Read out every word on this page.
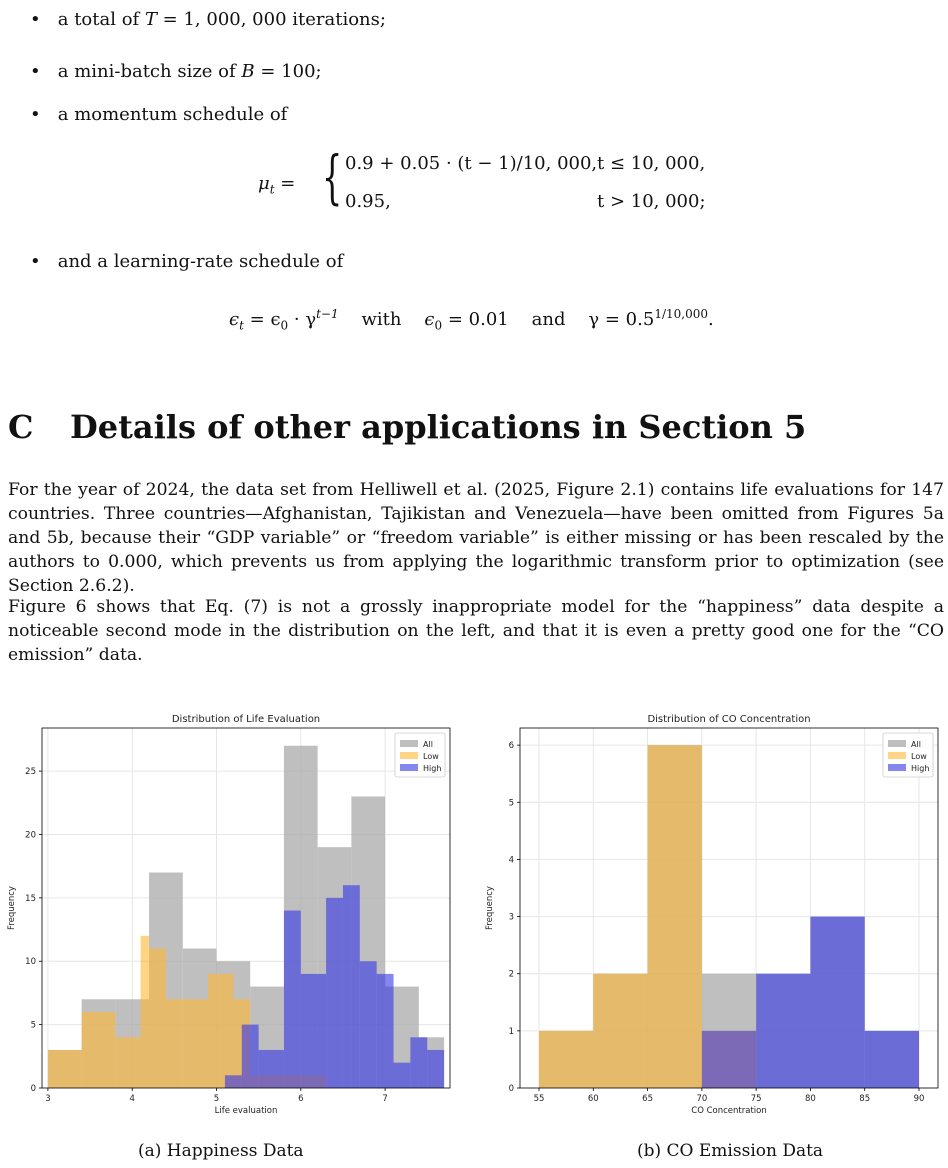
• a total of T = 1, 000, 000 iterations;
• a mini-batch size of B = 100;
• a momentum schedule of
• and a learning-rate schedule of
$\mu_t$ = { 0.9 + 0.05 · (t − 1)/10, 000, t ≤ 10, 000,
0.95,	t > 10, 000;
$\epsilon_t = \epsilon_0 \cdot \gamma^{t-1}$ with $\epsilon_0 = 0.01$ and $\gamma = 0.5^{1/10,000}$.
C Details of other applications in Section 5

For the year of 2024, the data set from Helliwell et al. (2025, Figure 2.1) contains life evaluations for 147 countries. Three countries—Afghanistan, Tajikistan and Venezuela—have been omitted from Figures 5a and 5b, because their “GDP variable” or “freedom variable” is either missing or has been rescaled by the authors to 0.000, which prevents us from applying the logarithmic transform prior to optimization (see Section 2.6.2).

Figure 6 shows that Eq. (7) is not a grossly inappropriate model for the “happiness” data despite a noticeable second mode in the distribution on the left, and that it is even a pretty good one for the “CO emission” data.

Distribution of Life Evaluation
3	4	5	6	7
0
5
10
15
20
25
Life evaluation
Frequency
All
Low
High
Distribution of CO Concentration
55	60	65	70	75	80	85	90
0
1
2
3
4
5
6
CO Concentration
Frequency
All
Low
High
(a) Happiness Data	(b) CO Emission Data
